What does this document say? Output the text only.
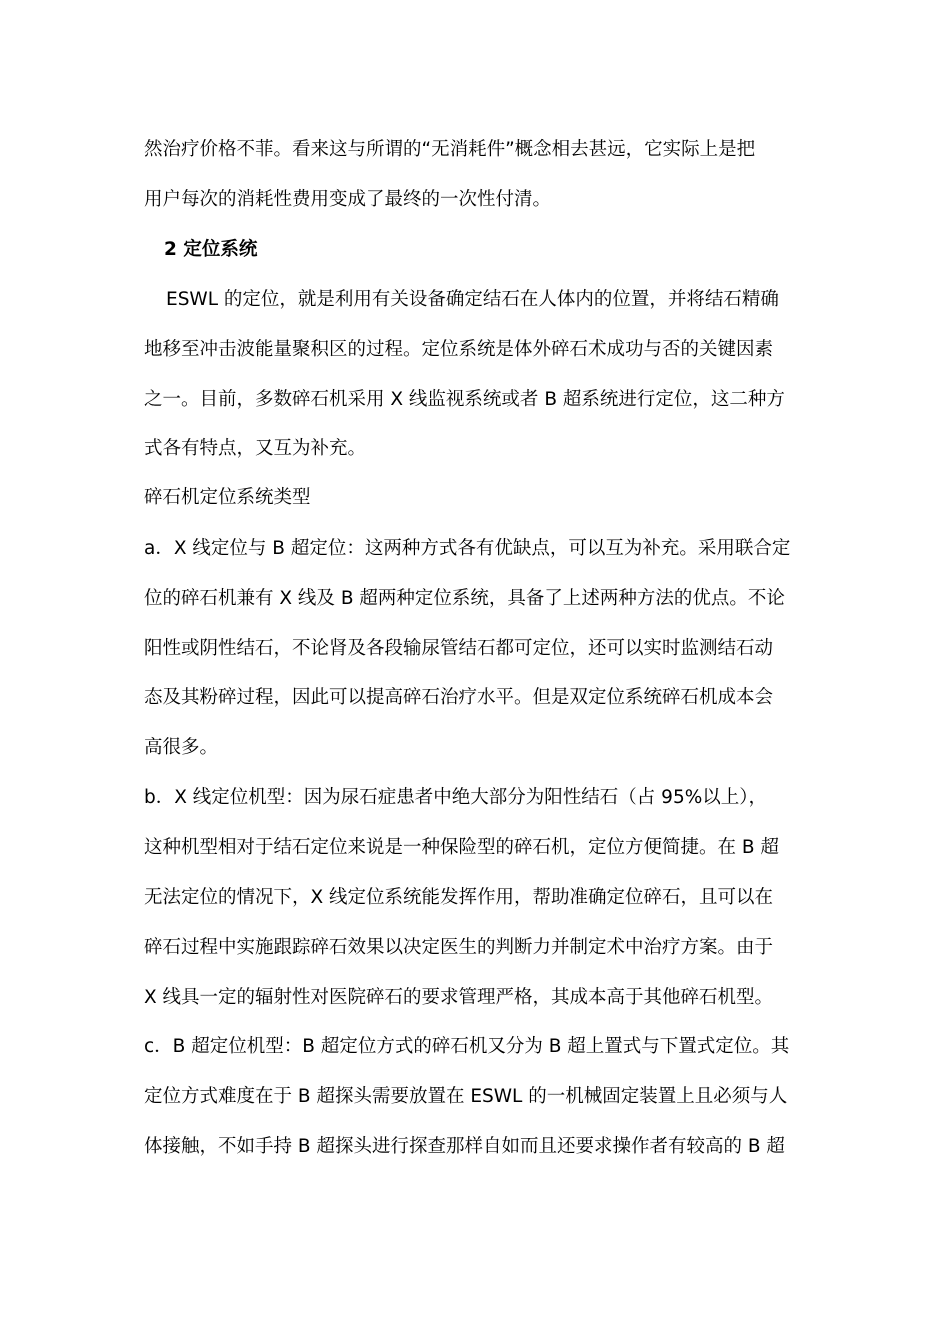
然治疗价格不菲。看来这与所谓的“无消耗件”概念相去甚远，它实际上是把
用户每次的消耗性费用变成了最终的一次性付清。
2 定位系统
ESWL 的定位，就是利用有关设备确定结石在人体内的位置，并将结石精确
地移至冲击波能量聚积区的过程。定位系统是体外碎石术成功与否的关键因素
之一。目前，多数碎石机采用 X 线监视系统或者 B 超系统进行定位，这二种方
式各有特点，又互为补充。
碎石机定位系统类型
a．X 线定位与 B 超定位：这两种方式各有优缺点，可以互为补充。采用联合定
位的碎石机兼有 X 线及 B 超两种定位系统，具备了上述两种方法的优点。不论
阳性或阴性结石，不论肾及各段输尿管结石都可定位，还可以实时监测结石动
态及其粉碎过程，因此可以提高碎石治疗水平。但是双定位系统碎石机成本会
高很多。
b．X 线定位机型：因为尿石症患者中绝大部分为阳性结石（占 95%以上），
这种机型相对于结石定位来说是一种保险型的碎石机，定位方便简捷。在 B 超
无法定位的情况下，X 线定位系统能发挥作用，帮助准确定位碎石，且可以在
碎石过程中实施跟踪碎石效果以决定医生的判断力并制定术中治疗方案。由于
X 线具一定的辐射性对医院碎石的要求管理严格，其成本高于其他碎石机型。
c．B 超定位机型：B 超定位方式的碎石机又分为 B 超上置式与下置式定位。其
定位方式难度在于 B 超探头需要放置在 ESWL 的一机械固定装置上且必须与人
体接触，不如手持 B 超探头进行探查那样自如而且还要求操作者有较高的 B 超
